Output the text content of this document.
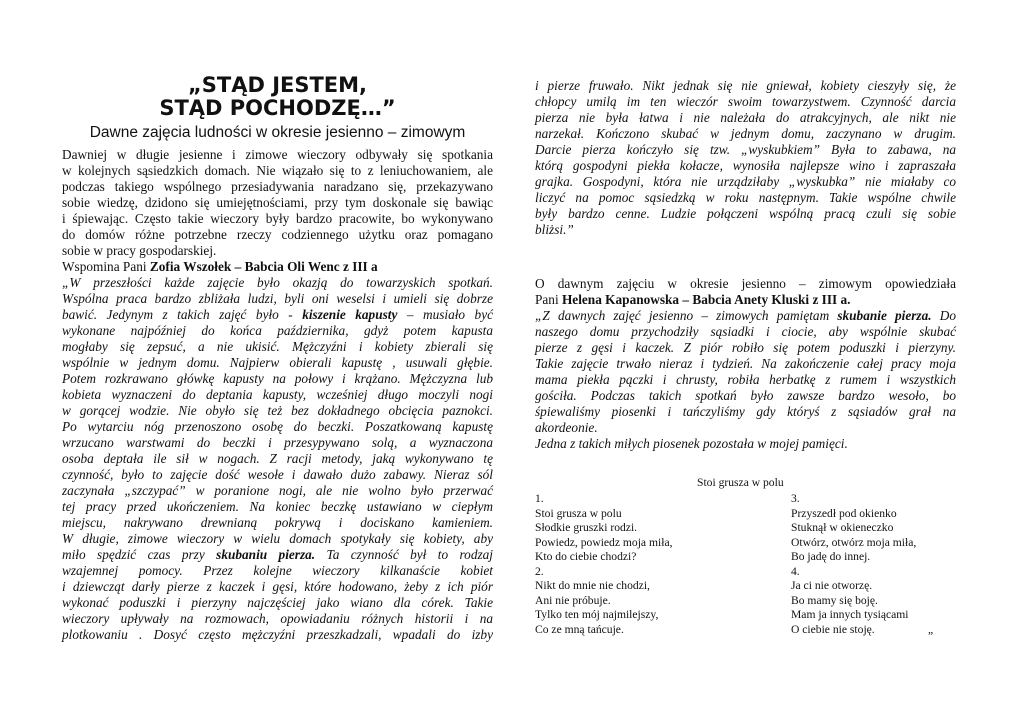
„STĄD JESTEM,
STĄD POCHODZĘ…”
Dawne zajęcia ludności w okresie jesienno – zimowym
Dawniej w długie jesienne i zimowe wieczory odbywały się spotkania
w kolejnych sąsiedzkich domach. Nie wiązało się to z leniuchowaniem, ale
podczas takiego wspólnego przesiadywania naradzano się, przekazywano
sobie wiedzę, dzidono się umiejętnościami, przy tym doskonale się bawiąc
i śpiewając. Często takie wieczory były bardzo pracowite, bo wykonywano
do domów różne potrzebne rzeczy codziennego użytku oraz pomagano
sobie w pracy gospodarskiej.
Wspomina Pani Zofia Wszołek – Babcia Oli Wenc z III a
„W przeszłości każde zajęcie było okazją do towarzyskich spotkań.
Wspólna praca bardzo zbliżała ludzi, byli oni weselsi i umieli się dobrze
bawić. Jedynym z takich zajęć było - kiszenie kapusty – musiało być
wykonane najpóźniej do końca października, gdyż potem kapusta
mogłaby się zepsuć, a nie ukisić. Mężczyźni i kobiety zbierali się
wspólnie w jednym domu. Najpierw obierali kapustę , usuwali głębie.
Potem rozkrawano główkę kapusty na połowy i krążano. Mężczyzna lub
kobieta wyznaczeni do deptania kapusty, wcześniej długo moczyli nogi
w gorącej wodzie. Nie obyło się też bez dokładnego obcięcia paznokci.
Po wytarciu nóg przenoszono osobę do beczki. Poszatkowaną kapustę
wrzucano warstwami do beczki i przesypywano solą, a wyznaczona
osoba deptała ile sił w nogach. Z racji metody, jaką wykonywano tę
czynność, było to zajęcie dość wesołe i dawało dużo zabawy. Nieraz sól
zaczynała „szczypać” w poranione nogi, ale nie wolno było przerwać
tej pracy przed ukończeniem. Na koniec beczkę ustawiano w ciepłym
miejscu, nakrywano drewnianą pokrywą i dociskano kamieniem.
W długie, zimowe wieczory w wielu domach spotykały się kobiety, aby
miło spędzić czas przy skubaniu pierza. Ta czynność był to rodzaj
wzajemnej pomocy. Przez kolejne wieczory kilkanaście kobiet
i dziewcząt darły pierze z kaczek i gęsi, które hodowano, żeby z ich piór
wykonać poduszki i pierzyny najczęściej jako wiano dla córek. Takie
wieczory upływały na rozmowach, opowiadaniu różnych historii i na
plotkowaniu . Dosyć często mężczyźni przeszkadzali, wpadali do izby
i pierze fruwało. Nikt jednak się nie gniewał, kobiety cieszyły się, że
chłopcy umilą im ten wieczór swoim towarzystwem. Czynność darcia
pierza nie była łatwa i nie należała do atrakcyjnych, ale nikt nie
narzekał. Kończono skubać w jednym domu, zaczynano w drugim.
Darcie pierza kończyło się tzw. „wyskubkiem” Była to zabawa, na
którą gospodyni piekła kołacze, wynosiła najlepsze wino i zapraszała
grajka. Gospodyni, która nie urządziłaby „wyskubka” nie miałaby co
liczyć na pomoc sąsiedzką w roku następnym. Takie wspólne chwile
były bardzo cenne. Ludzie połączeni wspólną pracą czuli się sobie
bliżsi.”
O dawnym zajęciu w okresie jesienno – zimowym opowiedziała
Pani Helena Kapanowska – Babcia Anety Kluski z III a.
„Z dawnych zajęć jesienno – zimowych pamiętam skubanie pierza. Do
naszego domu przychodziły sąsiadki i ciocie, aby wspólnie skubać
pierze z gęsi i kaczek. Z piór robiło się potem poduszki i pierzyny.
Takie zajęcie trwało nieraz i tydzień. Na zakończenie całej pracy moja
mama piekła pączki i chrusty, robiła herbatkę z rumem i wszystkich
gościła. Podczas takich spotkań było zawsze bardzo wesoło, bo
śpiewaliśmy piosenki i tańczyliśmy gdy któryś z sąsiadów grał na
akordeonie.
Jedna z takich miłych piosenek pozostała w mojej pamięci.
Stoi grusza w polu
1.
Stoi grusza w polu
Słodkie gruszki rodzi.
Powiedz, powiedz moja miła,
Kto do ciebie chodzi?
2.
Nikt do mnie nie chodzi,
Ani nie próbuje.
Tylko ten mój najmilejszy,
Co ze mną tańcuje.
3.
Przyszedł pod okienko
Stuknął w okieneczko
Otwórz, otwórz moja miła,
Bo jadę do innej.
4.
Ja ci nie otworzę.
Bo mamy się boję.
Mam ja innych tysiącami
O ciebie nie stoję.	„
